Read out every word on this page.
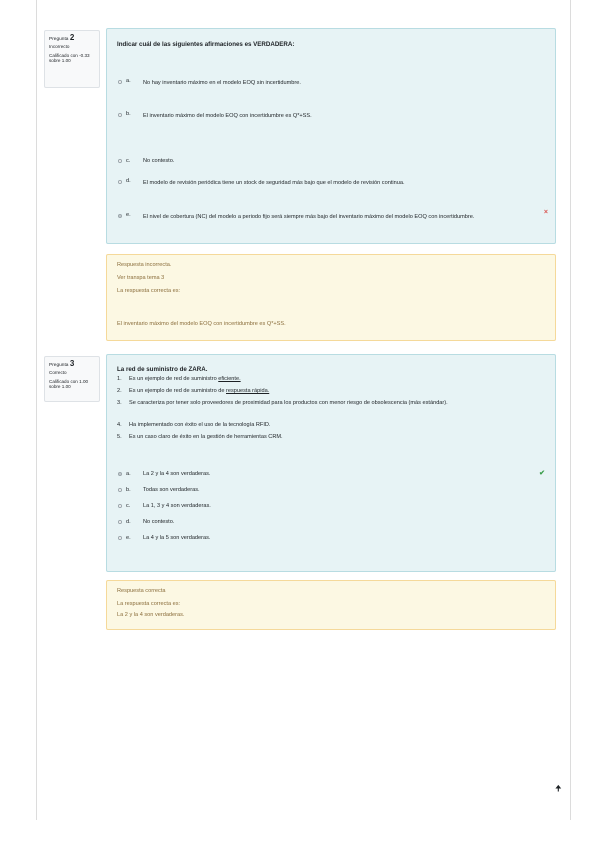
Pregunta 2
Incorrecto
Calificado con -0.33 sobre 1.00
Indicar cuál de las siguientes afirmaciones es VERDADERA:
a. No hay inventario máximo en el modelo EOQ sin incertidumbre.
b. El inventario máximo del modelo EOQ con incertidumbre es Q*+SS.
c. No contesto.
d. El modelo de revisión periódica tiene un stock de seguridad más bajo que el modelo de revisión continua.
e. El nivel de cobertura (NC) del modelo a periodo fijo será siempre más bajo del inventario máximo del modelo EOQ con incertidumbre.
×
Respuesta incorrecta.
Ver transpa tema 3
La respuesta correcta es:
El inventario máximo del modelo EOQ con incertidumbre es Q*+SS.
Pregunta 3
Correcto
Calificado con 1.00 sobre 1.00
La red de suministro de ZARA.
1. Es un ejemplo de red de suministro eficiente.
2. Es un ejemplo de red de suministro de respuesta rápida.
3. Se caracteriza por tener solo proveedores de proximidad para los productos con menor riesgo de obsolescencia (más estándar).
4. Ha implementado con éxito el uso de la tecnología RFID.
5. Es un caso claro de éxito en la gestión de herramientas CRM.
a. La 2 y la 4 son verdaderas.	✔
b. Todas son verdaderas.
c. La 1, 3 y 4 son verdaderas.
d. No contesto.
e. La 4 y la 5 son verdaderas.
Respuesta correcta
La respuesta correcta es:
La 2 y la 4 son verdaderas.
🠉
